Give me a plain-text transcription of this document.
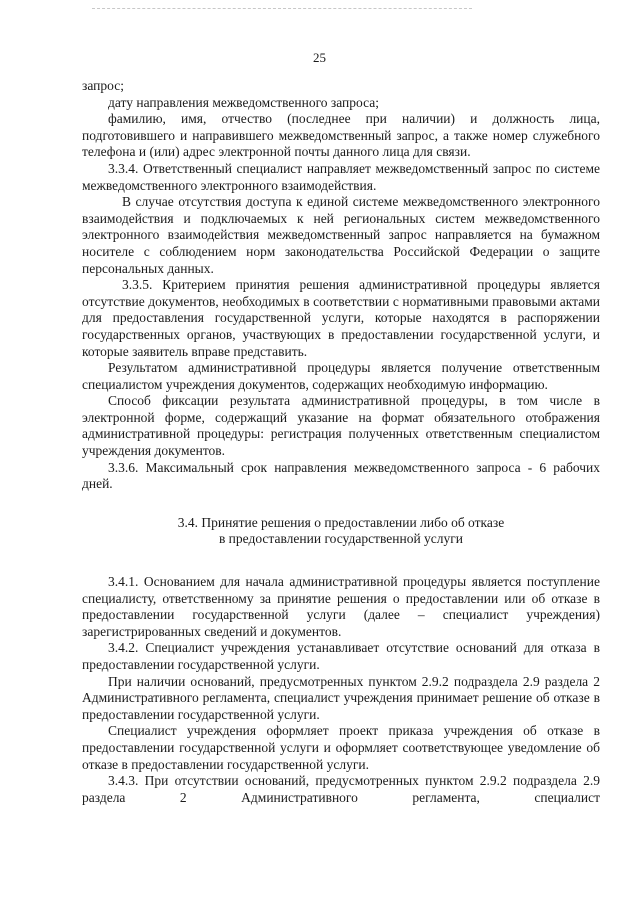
25

запрос;

дату направления межведомственного запроса;

фамилию, имя, отчество (последнее при наличии) и должность лица, подготовившего и направившего межведомственный запрос, а также номер служебного телефона и (или) адрес электронной почты данного лица для связи.

3.3.4. Ответственный специалист направляет межведомственный запрос по системе межведомственного электронного взаимодействия.

В случае отсутствия доступа к единой системе межведомственного электронного взаимодействия и подключаемых к ней региональных систем межведомственного электронного взаимодействия межведомственный запрос направляется на бумажном носителе с соблюдением норм законодательства Российской Федерации о защите персональных данных.

3.3.5. Критерием принятия решения административной процедуры является отсутствие документов, необходимых в соответствии с нормативными правовыми актами для предоставления государственной услуги, которые находятся в распоряжении государственных органов, участвующих в предоставлении государственной услуги, и которые заявитель вправе представить.

Результатом административной процедуры является получение ответственным специалистом учреждения документов, содержащих необходимую информацию.

Способ фиксации результата административной процедуры, в том числе в электронной форме, содержащий указание на формат обязательного отображения административной процедуры: регистрация полученных ответственным специалистом учреждения документов.

3.3.6. Максимальный срок направления межведомственного запроса - 6 рабочих дней.

3.4. Принятие решения о предоставлении либо об отказе
в предоставлении государственной услуги

3.4.1. Основанием для начала административной процедуры является поступление специалисту, ответственному за принятие решения о предоставлении или об отказе в предоставлении государственной услуги (далее – специалист учреждения) зарегистрированных сведений и документов.

3.4.2. Специалист учреждения устанавливает отсутствие оснований для отказа в предоставлении государственной услуги.

При наличии оснований, предусмотренных пунктом 2.9.2 подраздела 2.9 раздела 2 Административного регламента, специалист учреждения принимает решение об отказе в предоставлении государственной услуги.

Специалист учреждения оформляет проект приказа учреждения об отказе в предоставлении государственной услуги и оформляет соответствующее уведомление об отказе в предоставлении государственной услуги.

3.4.3. При отсутствии оснований, предусмотренных пунктом 2.9.2 подраздела 2.9 раздела 2 Административного регламента, специалист
